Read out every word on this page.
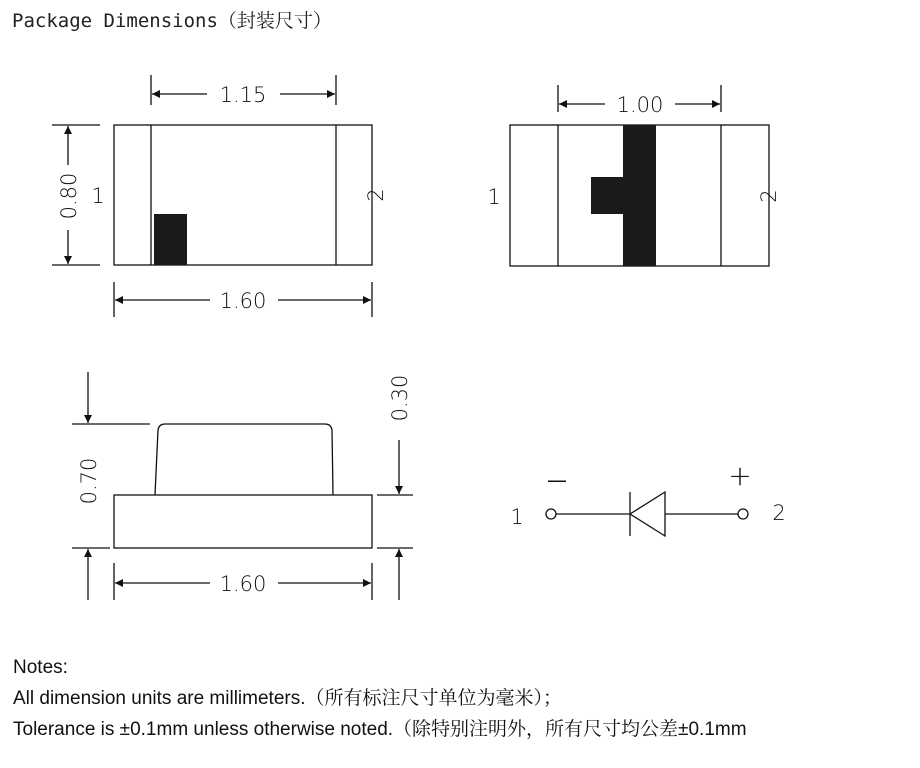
Package Dimensions（封装尺寸）
1.15
0.80
1.60
1	2
1.00
1	2
0.30
0.70
1.60
—	+
1	2
Notes:
All dimension units are millimeters.（所有标注尺寸单位为毫米）；
Tolerance is ±0.1mm unless otherwise noted.（除特别注明外，所有尺寸均公差±0.1mm
